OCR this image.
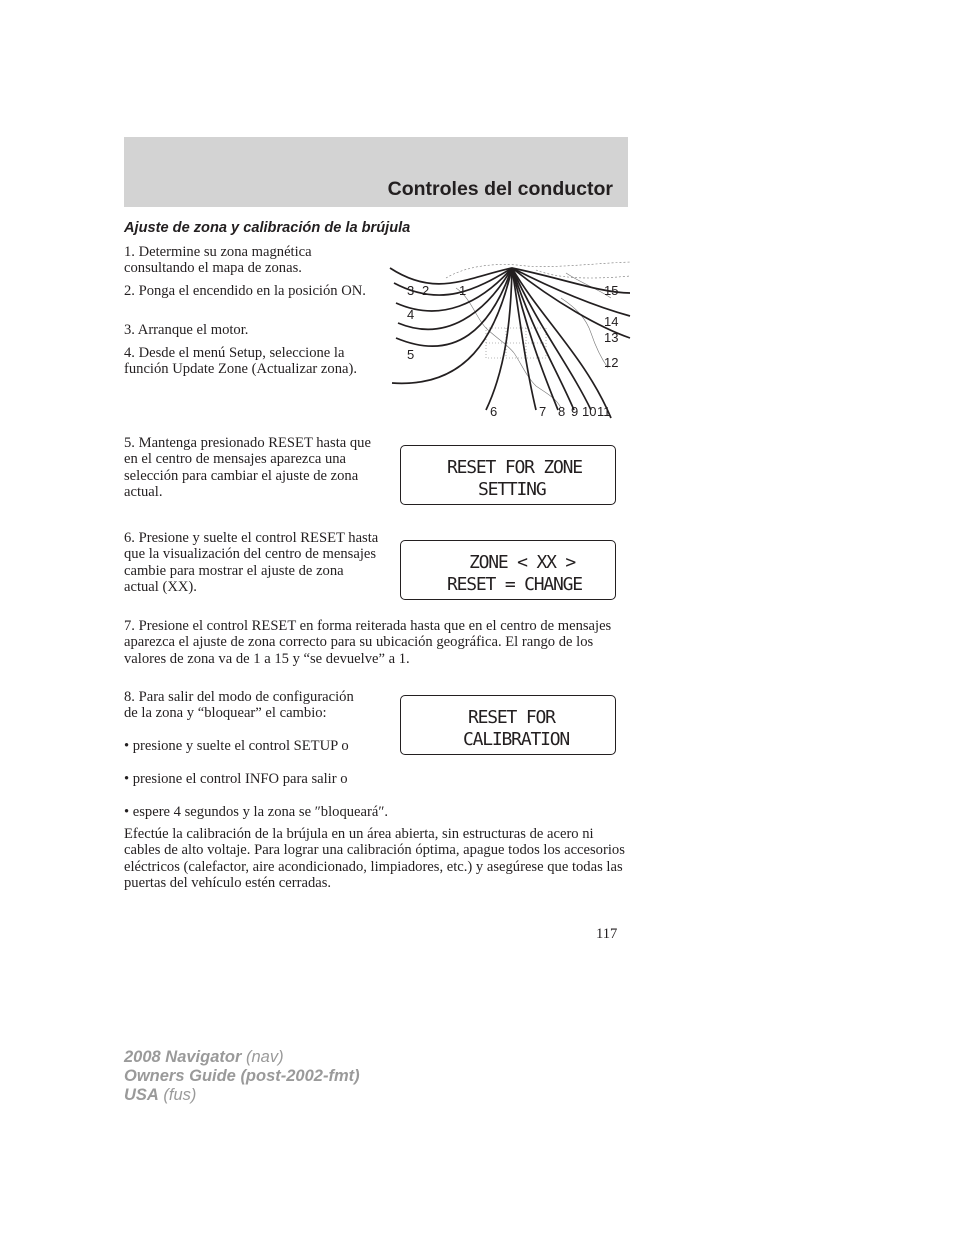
Controles del conductor
Ajuste de zona y calibración de la brújula

1. Determine su zona magnética consultando el mapa de zonas.

2. Ponga el encendido en la posición ON.

3. Arranque el motor.

4. Desde el menú Setup, seleccione la función Update Zone (Actualizar zona).

1
2
3
4
5
6	7 8 9 10 11
12
13
14
15

5. Mantenga presionado RESET hasta que en el centro de mensajes aparezca una selección para cambiar el ajuste de zona actual.

RESET FOR ZONE
SETTING

6. Presione y suelte el control RESET hasta que la visualización del centro de mensajes cambie para mostrar el ajuste de zona actual (XX).

ZONE < XX >
RESET = CHANGE

7. Presione el control RESET en forma reiterada hasta que en el centro de mensajes aparezca el ajuste de zona correcto para su ubicación geográfica. El rango de los valores de zona va de 1 a 15 y “se devuelve” a 1.

8. Para salir del modo de configuración de la zona y “bloquear” el cambio:

• presione y suelte el control SETUP o

• presione el control INFO para salir o

• espere 4 segundos y la zona se ″bloqueará″.

RESET FOR
CALIBRATION

Efectúe la calibración de la brújula en un área abierta, sin estructuras de acero ni cables de alto voltaje. Para lograr una calibración óptima, apague todos los accesorios eléctricos (calefactor, aire acondicionado, limpiadores, etc.) y asegúrese que todas las puertas del vehículo estén cerradas.

117
2008 Navigator (nav)
Owners Guide (post-2002-fmt)
USA (fus)
